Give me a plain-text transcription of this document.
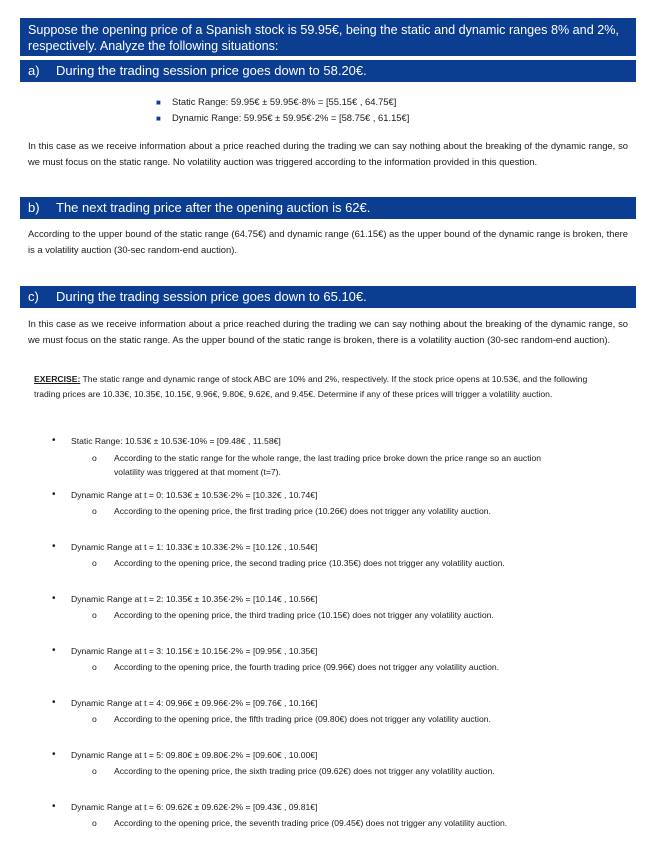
Suppose the opening price of a Spanish stock is 59.95€, being the static and dynamic ranges 8% and 2%, respectively. Analyze the following situations:
a) During the trading session price goes down to 58.20€.
■ Static Range: 59.95€ ± 59.95€·8% = [55.15€ , 64.75€]
■ Dynamic Range: 59.95€ ± 59.95€·2% = [58.75€ , 61.15€]

In this case as we receive information about a price reached during the trading we can say nothing about the breaking of the dynamic range, so we must focus on the static range. No volatility auction was triggered according to the information provided in this question.

b) The next trading price after the opening auction is 62€.

According to the upper bound of the static range (64.75€) and dynamic range (61.15€) as the upper bound of the dynamic range is broken, there is a volatility auction (30-sec random-end auction).

c) During the trading session price goes down to 65.10€.

In this case as we receive information about a price reached during the trading we can say nothing about the breaking of the dynamic range, so we must focus on the static range. As the upper bound of the static range is broken, there is a volatility auction (30-sec random-end auction).

EXERCISE: The static range and dynamic range of stock ABC are 10% and 2%, respectively. If the stock price opens at 10.53€, and the following trading prices are 10.33€, 10.35€, 10.15€, 9.96€, 9.80€, 9.62€, and 9.45€. Determine if any of these prices will trigger a volatility auction.
• Static Range: 10.53€ ± 10.53€·10% = [09.48€ , 11.58€]
o According to the static range for the whole range, the last trading price broke down the price range so an auction volatility was triggered at that moment (t=7).
• Dynamic Range at t = 0: 10.53€ ± 10.53€·2% = [10.32€ , 10.74€]
o According to the opening price, the first trading price (10.26€) does not trigger any volatility auction.
• Dynamic Range at t = 1: 10.33€ ± 10.33€·2% = [10.12€ , 10.54€]
o According to the opening price, the second trading price (10.35€) does not trigger any volatility auction.
• Dynamic Range at t = 2: 10.35€ ± 10.35€·2% = [10.14€ , 10.56€]
o According to the opening price, the third trading price (10.15€) does not trigger any volatility auction.
• Dynamic Range at t = 3: 10.15€ ± 10.15€·2% = [09.95€ , 10.35€]
o According to the opening price, the fourth trading price (09.96€) does not trigger any volatility auction.
• Dynamic Range at t = 4: 09.96€ ± 09.96€·2% = [09.76€ , 10.16€]
o According to the opening price, the fifth trading price (09.80€) does not trigger any volatility auction.
• Dynamic Range at t = 5: 09.80€ ± 09.80€·2% = [09.60€ , 10.00€]
o According to the opening price, the sixth trading price (09.62€) does not trigger any volatility auction.
• Dynamic Range at t = 6: 09.62€ ± 09.62€·2% = [09.43€ , 09.81€]
o According to the opening price, the seventh trading price (09.45€) does not trigger any volatility auction.
